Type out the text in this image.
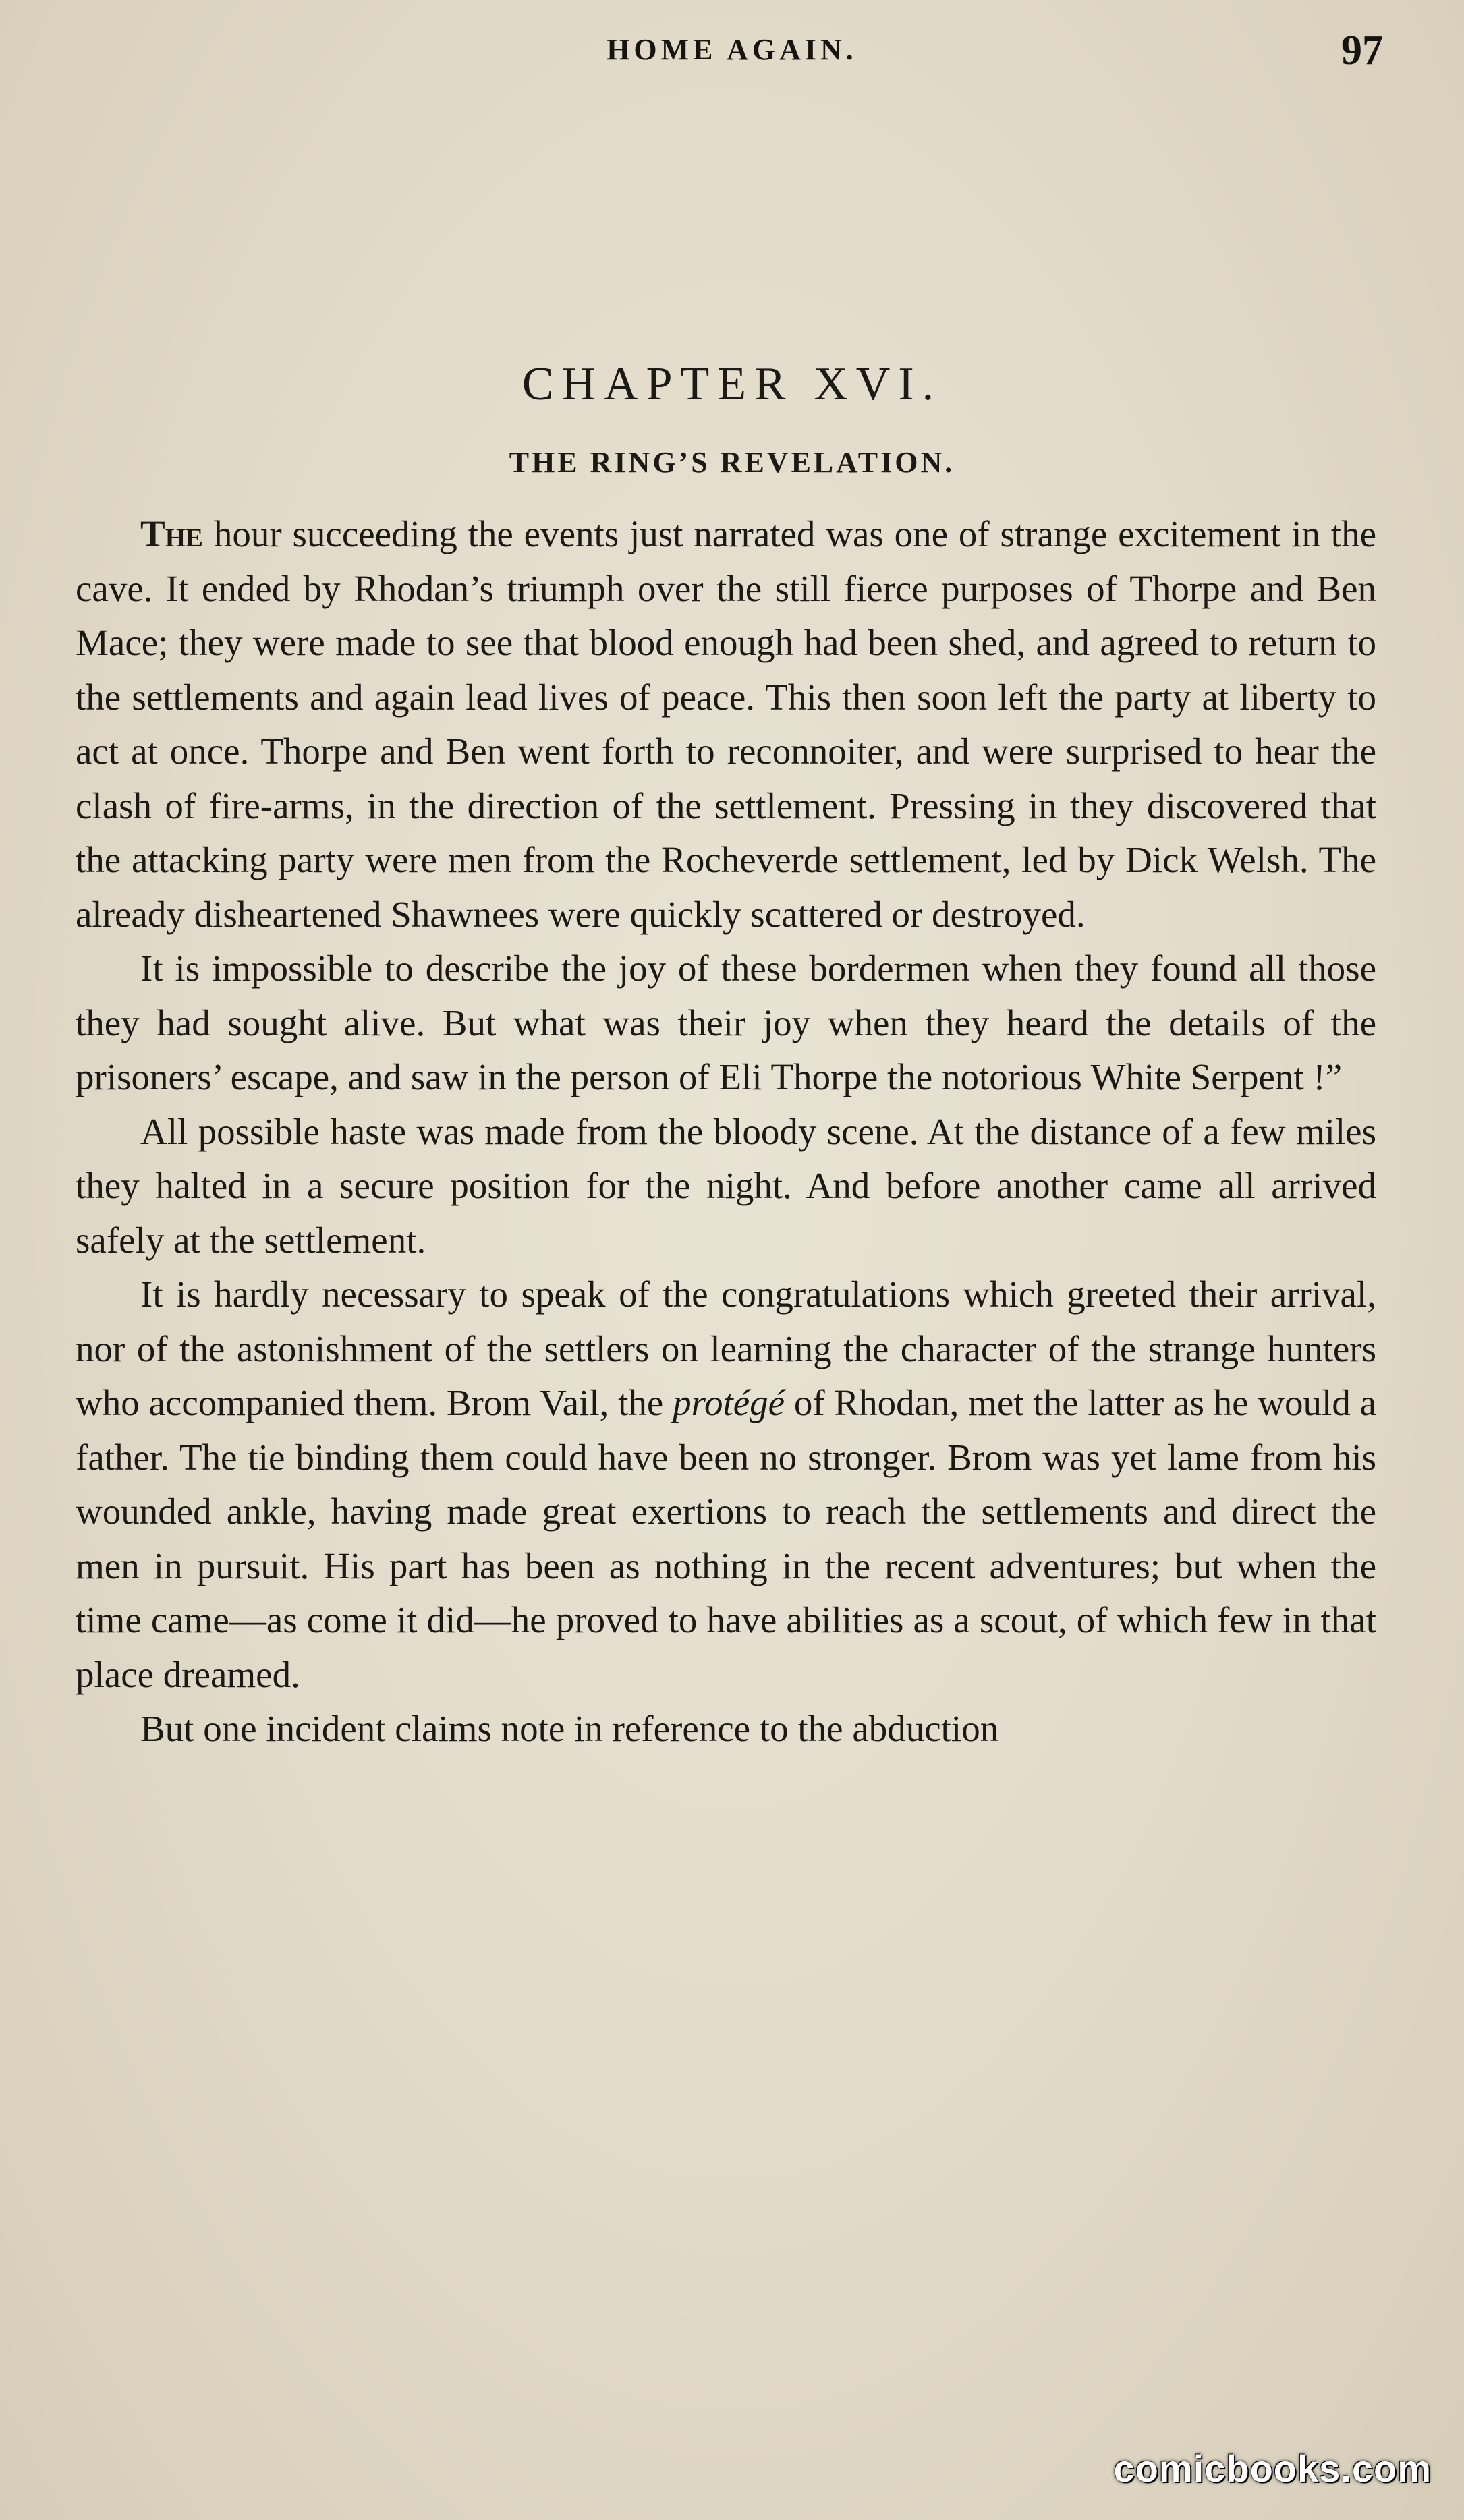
HOME AGAIN.	97
CHAPTER XVI.
THE RING’S REVELATION.

The hour succeeding the events just narrated was one of strange excitement in the cave. It ended by Rhodan’s triumph over the still fierce purposes of Thorpe and Ben Mace; they were made to see that blood enough had been shed, and agreed to return to the settlements and again lead lives of peace. This then soon left the party at liberty to act at once. Thorpe and Ben went forth to reconnoiter, and were surprised to hear the clash of fire-arms, in the direction of the settlement. Pressing in they discovered that the attacking party were men from the Rocheverde settlement, led by Dick Welsh. The already disheartened Shawnees were quickly scattered or destroyed.

It is impossible to describe the joy of these bordermen when they found all those they had sought alive. But what was their joy when they heard the details of the prisoners’ escape, and saw in the person of Eli Thorpe the notorious White Serpent !”

All possible haste was made from the bloody scene. At the distance of a few miles they halted in a secure position for the night. And before another came all arrived safely at the settlement.

It is hardly necessary to speak of the congratulations which greeted their arrival, nor of the astonishment of the settlers on learning the character of the strange hunters who accompanied them. Brom Vail, the protégé of Rhodan, met the latter as he would a father. The tie binding them could have been no stronger. Brom was yet lame from his wounded ankle, having made great exertions to reach the settlements and direct the men in pursuit. His part has been as nothing in the recent adventures; but when the time came—as come it did—he proved to have abilities as a scout, of which few in that place dreamed.

But one incident claims note in reference to the abduction

comicbooks.com
